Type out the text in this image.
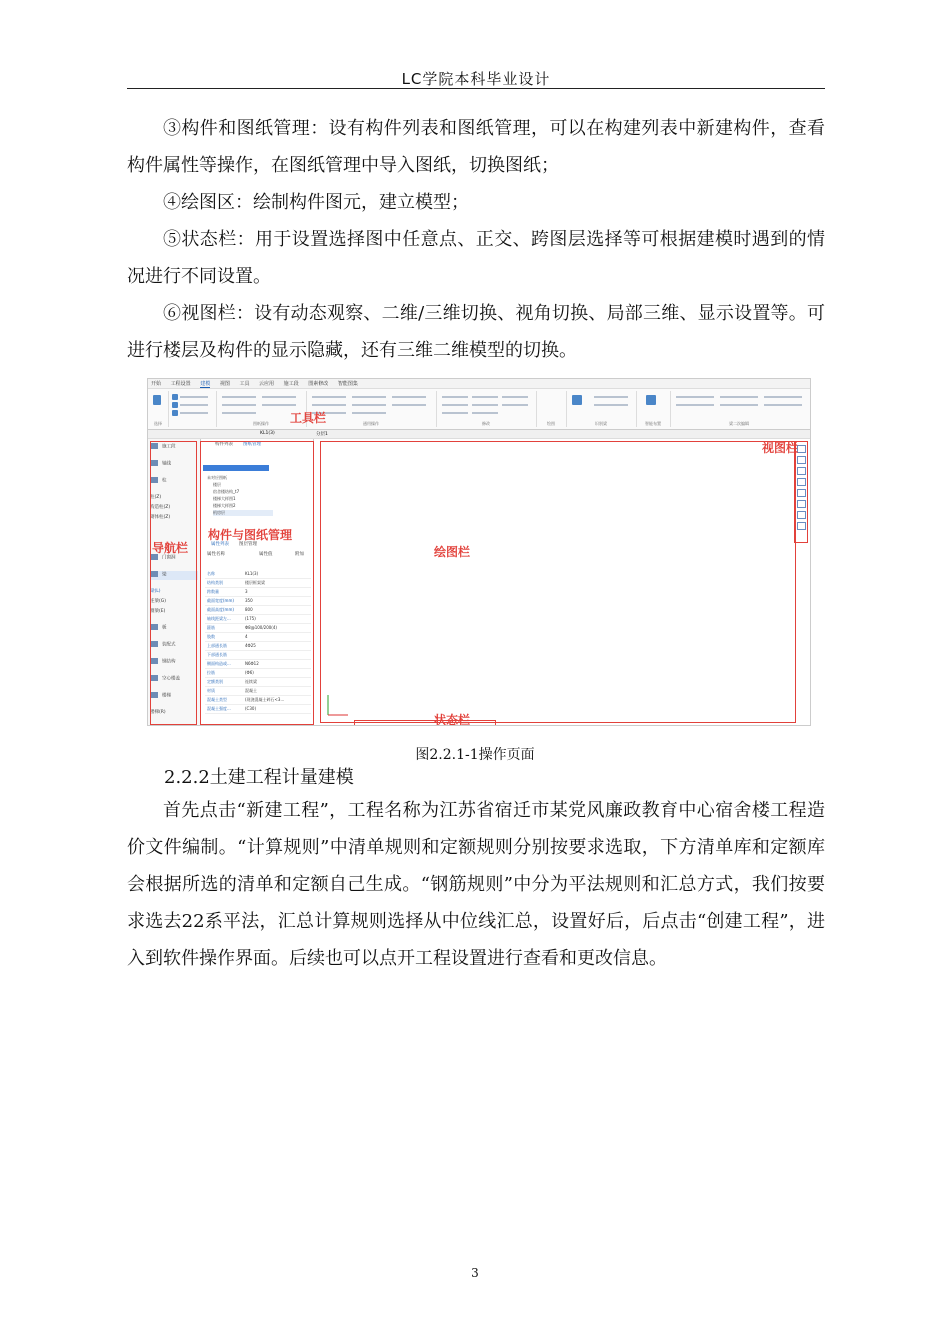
LC学院本科毕业设计
③构件和图纸管理：设有构件列表和图纸管理，可以在构建列表中新建构件，查看构件属性等操作，在图纸管理中导入图纸，切换图纸；
④绘图区：绘制构件图元，建立模型；
⑤状态栏：用于设置选择图中任意点、正交、跨图层选择等可根据建模时遇到的情况进行不同设置。
⑥视图栏：设有动态观察、二维/三维切换、视角切换、局部三维、显示设置等。可进行楼层及构件的显示隐藏，还有三维二维模型的切换。
开始 工程设置 建模 视图 工具 云应用 施工段 图素修改 智能图集
选择	图纸操作	通用操作	修改	绘图	识别梁	智能布置	梁二次编辑
KL1(3)	分层1
施工段
轴线
柱
柱(Z)
构造柱(Z)
砌体柱(Z)
门窗洞
梁
梁(L)
连梁(G)
圈梁(E)
板
装配式
钢结构
空心楼盖
楼梯
楼梯(R)
构件列表 图纸管理
未对应图纸
楼层
宿舍楼结构_t7
楼梯大样图1
楼梯大样图2
机房层
属性列表 图层管理
属性名称	属性值	附加
名称	KL1(3)
结构类别	楼层框架梁
跨数量	3
截面宽度(mm)	350
截面高度(mm)	800
轴线距梁左...	(175)
箍筋	Φ8@100/200(4)
肢数	4
上部通长筋	4Φ25
下部通长筋
侧面构造或...	N6Φ12
拉筋	(Φ6)
定额类别	连续梁
材质	混凝土
混凝土类型	(现浇混凝土碎石<3...
混凝土强度...	(C30)
工具栏
视图栏
导航栏
构件与图纸管理
绘图栏
状态栏
图2.2.1-1操作页面
2.2.2土建工程计量建模
首先点击“新建工程”，工程名称为江苏省宿迁市某党风廉政教育中心宿舍楼工程造价文件编制。“计算规则”中清单规则和定额规则分别按要求选取，下方清单库和定额库会根据所选的清单和定额自己生成。“钢筋规则”中分为平法规则和汇总方式，我们按要求选去22系平法，汇总计算规则选择从中位线汇总，设置好后，后点击“创建工程”，进入到软件操作界面。后续也可以点开工程设置进行查看和更改信息。
3
